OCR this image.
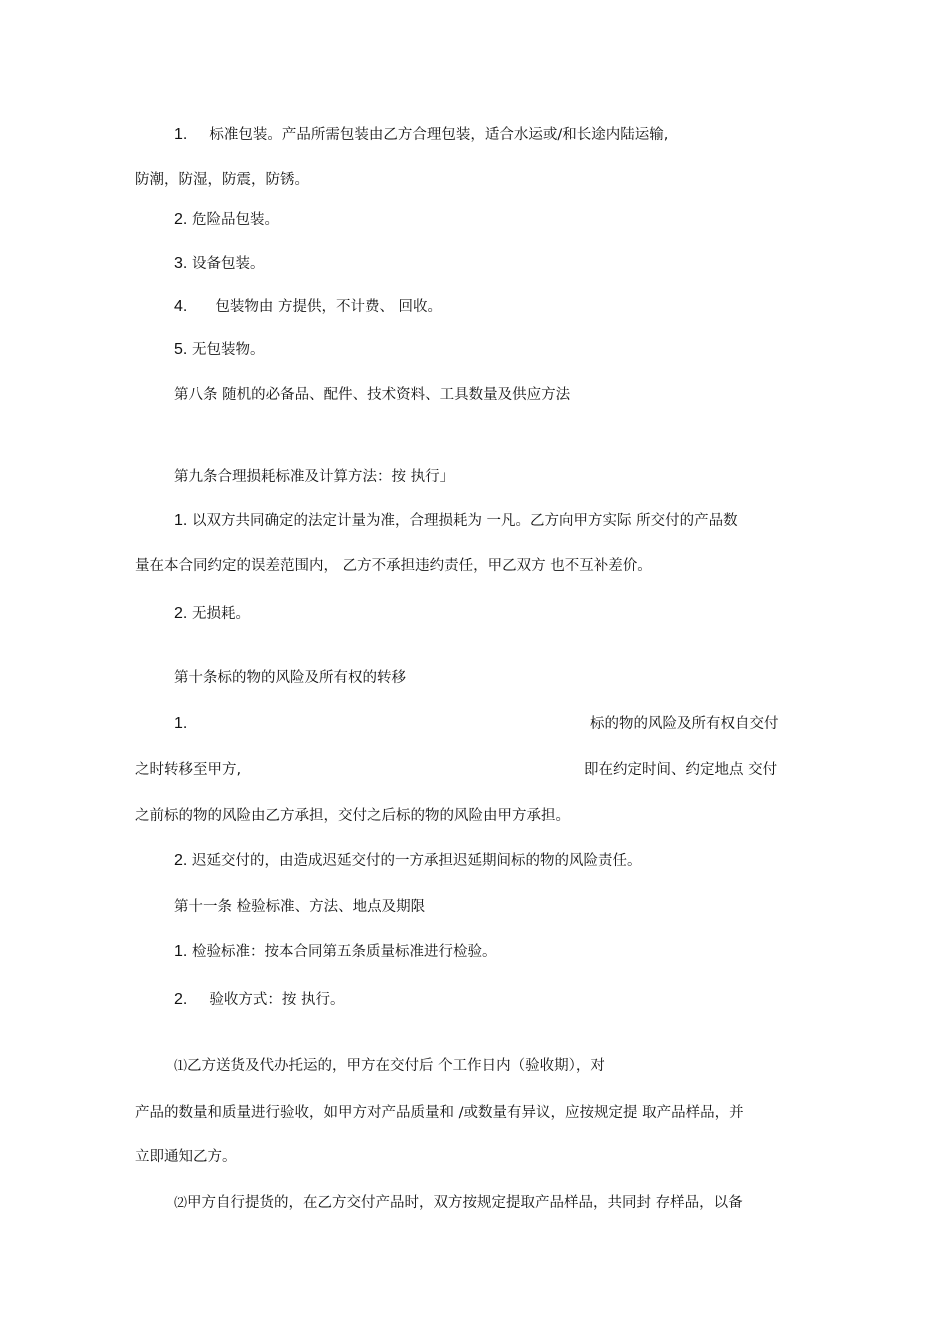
1. 标准包装。产品所需包装由乙方合理包装，适合水运或/和长途内陆运输,
防潮，防湿，防震，防锈。
2. 危险品包装。
3. 设备包装。
4. 包装物由 方提供，不计费、 回收。
5. 无包装物。
第八条 随机的必备品、配件、技术资料、工具数量及供应方法
第九条合理损耗标准及计算方法：按 执行」
1. 以双方共同确定的法定计量为准，合理损耗为 一凡。乙方向甲方实际 所交付的产品数
量在本合同约定的误差范围内， 乙方不承担违约责任，甲乙双方 也不互补差价。
2. 无损耗。
第十条标的物的风险及所有权的转移
1.	标的物的风险及所有权自交付
之时转移至甲方,	即在约定时间、约定地点 交付
之前标的物的风险由乙方承担，交付之后标的物的风险由甲方承担。
2. 迟延交付的，由造成迟延交付的一方承担迟延期间标的物的风险责任。
第十一条 检验标准、方法、地点及期限
1. 检验标准：按本合同第五条质量标准进行检验。
2. 验收方式：按 执行。
⑴乙方送货及代办托运的，甲方在交付后 个工作日内（验收期），对
产品的数量和质量进行验收，如甲方对产品质量和 /或数量有异议，应按规定提 取产品样品，并
立即通知乙方。
⑵甲方自行提货的，在乙方交付产品时，双方按规定提取产品样品，共同封 存样品，以备
